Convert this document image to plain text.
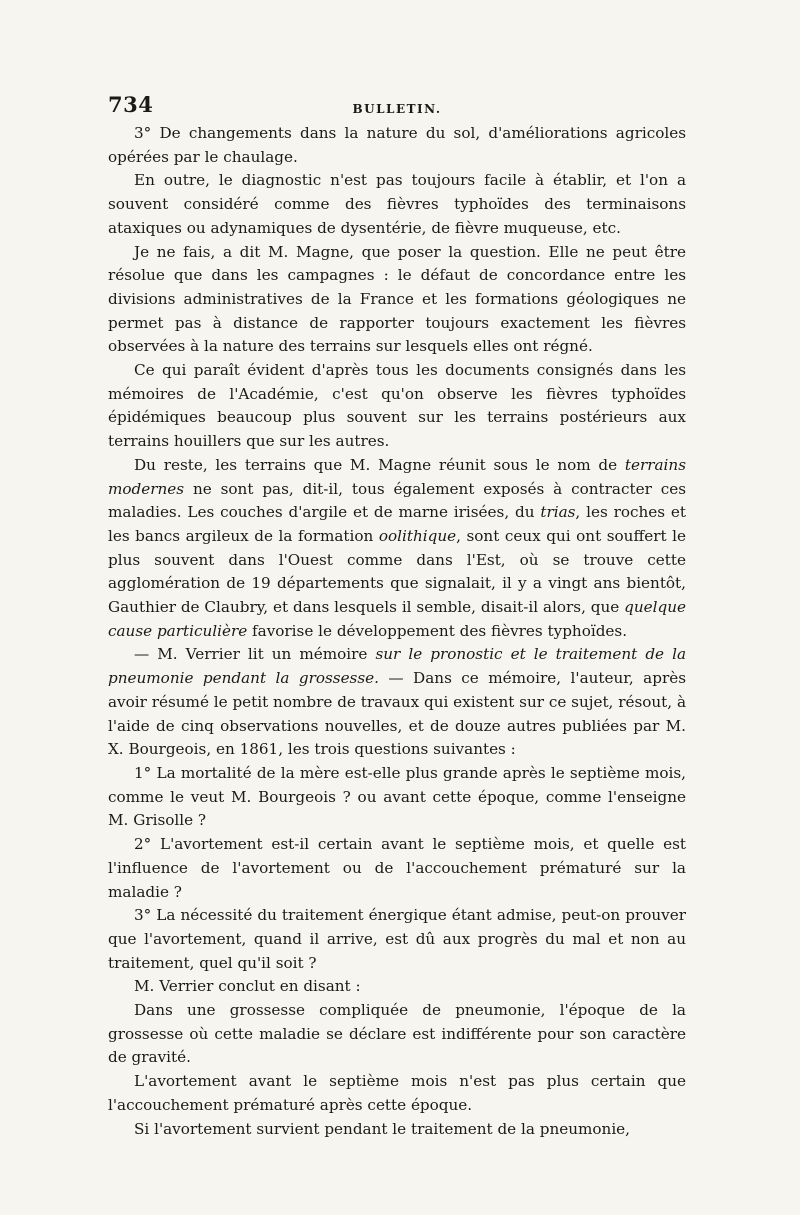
734	BULLETIN.

3° De changements dans la nature du sol, d'améliorations agricoles opérées par le chaulage.

En outre, le diagnostic n'est pas toujours facile à établir, et l'on a souvent considéré comme des fièvres typhoïdes des terminaisons ataxiques ou adynamiques de dysentérie, de fièvre muqueuse, etc.

Je ne fais, a dit M. Magne, que poser la question. Elle ne peut être résolue que dans les campagnes : le défaut de concordance entre les divisions administratives de la France et les formations géologiques ne permet pas à distance de rapporter toujours exactement les fièvres observées à la nature des terrains sur lesquels elles ont régné.

Ce qui paraît évident d'après tous les documents consignés dans les mémoires de l'Académie, c'est qu'on observe les fièvres typhoïdes épidémiques beaucoup plus souvent sur les terrains postérieurs aux terrains houillers que sur les autres.

Du reste, les terrains que M. Magne réunit sous le nom de terrains modernes ne sont pas, dit-il, tous également exposés à contracter ces maladies. Les couches d'argile et de marne irisées, du trias, les roches et les bancs argileux de la formation oolithique, sont ceux qui ont souffert le plus souvent dans l'Ouest comme dans l'Est, où se trouve cette agglomération de 19 départements que signalait, il y a vingt ans bientôt, Gauthier de Claubry, et dans lesquels il semble, disait-il alors, que quelque cause particulière favorise le développement des fièvres typhoïdes.

— M. Verrier lit un mémoire sur le pronostic et le traitement de la pneumonie pendant la grossesse. — Dans ce mémoire, l'auteur, après avoir résumé le petit nombre de travaux qui existent sur ce sujet, résout, à l'aide de cinq observations nouvelles, et de douze autres publiées par M. X. Bourgeois, en 1861, les trois questions suivantes :

1° La mortalité de la mère est-elle plus grande après le septième mois, comme le veut M. Bourgeois ? ou avant cette époque, comme l'enseigne M. Grisolle ?

2° L'avortement est-il certain avant le septième mois, et quelle est l'influence de l'avortement ou de l'accouchement prématuré sur la maladie ?

3° La nécessité du traitement énergique étant admise, peut-on prouver que l'avortement, quand il arrive, est dû aux progrès du mal et non au traitement, quel qu'il soit ?

M. Verrier conclut en disant :

Dans une grossesse compliquée de pneumonie, l'époque de la grossesse où cette maladie se déclare est indifférente pour son caractère de gravité.

L'avortement avant le septième mois n'est pas plus certain que l'accouchement prématuré après cette époque.

Si l'avortement survient pendant le traitement de la pneumonie,
